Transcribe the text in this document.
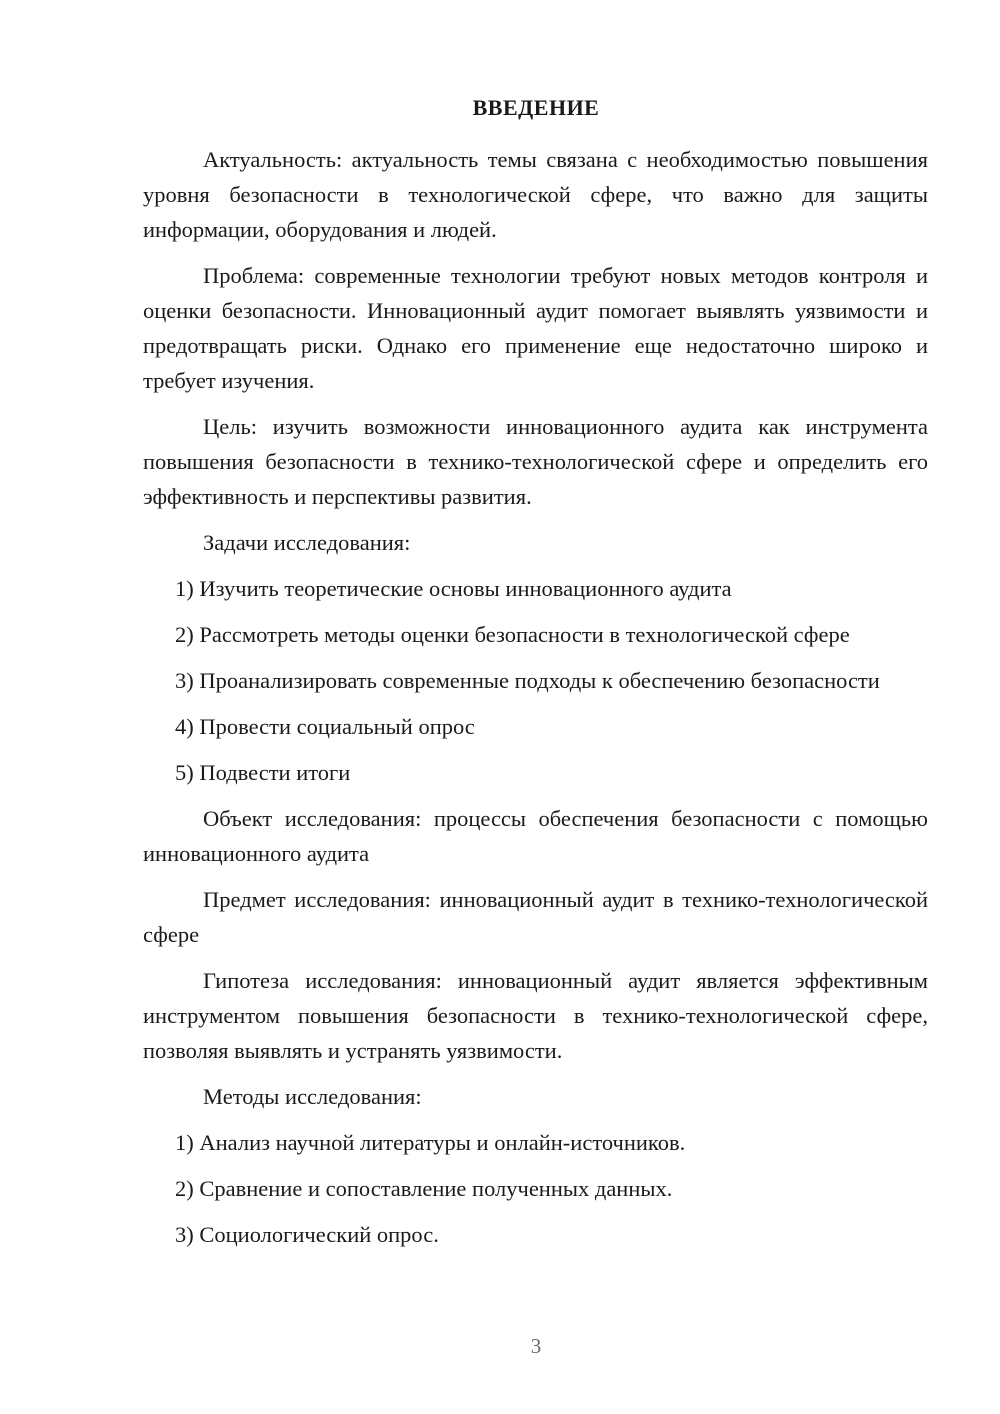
ВВЕДЕНИЕ

Актуальность: актуальность темы связана с необходимостью повышения уровня безопасности в технологической сфере, что важно для защиты информации, оборудования и людей.

Проблема: современные технологии требуют новых методов контроля и оценки безопасности. Инновационный аудит помогает выявлять уязвимости и предотвращать риски. Однако его применение еще недостаточно широко и требует изучения.

Цель: изучить возможности инновационного аудита как инструмента повышения безопасности в технико-технологической сфере и определить его эффективность и перспективы развития.

Задачи исследования:

1) Изучить теоретические основы инновационного аудита

2) Рассмотреть методы оценки безопасности в технологической сфере

3) Проанализировать современные подходы к обеспечению безопасности

4) Провести социальный опрос

5) Подвести итоги

Объект исследования: процессы обеспечения безопасности с помощью инновационного аудита

Предмет исследования: инновационный аудит в технико-технологической сфере

Гипотеза исследования: инновационный аудит является эффективным инструментом повышения безопасности в технико-технологической сфере, позволяя выявлять и устранять уязвимости.

Методы исследования:

1) Анализ научной литературы и онлайн-источников.

2) Сравнение и сопоставление полученных данных.

3) Социологический опрос.

3
